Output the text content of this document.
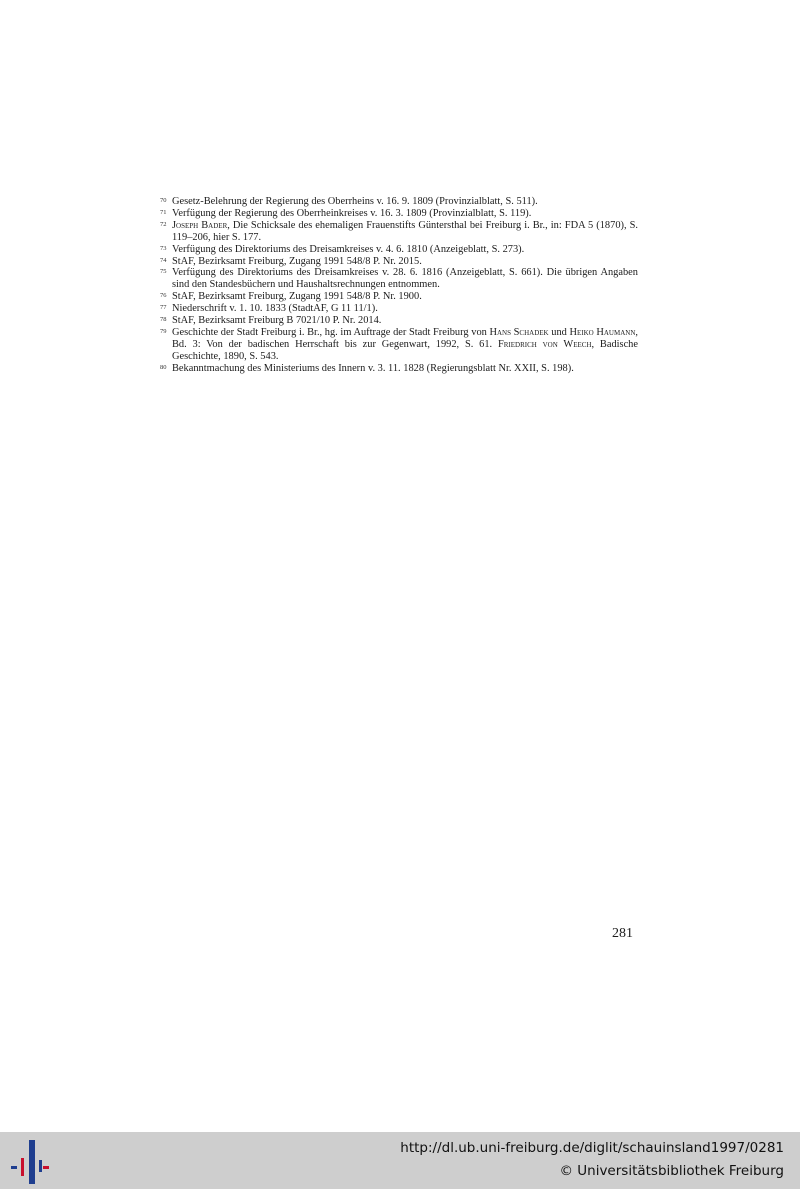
70 Gesetz-Belehrung der Regierung des Oberrheins v. 16. 9. 1809 (Provinzialblatt, S. 511).
71 Verfügung der Regierung des Oberrheinkreises v. 16. 3. 1809 (Provinzialblatt, S. 119).
72 Joseph Bader, Die Schicksale des ehemaligen Frauenstifts Güntersthal bei Freiburg i. Br., in: FDA 5 (1870), S. 119–206, hier S. 177.
73 Verfügung des Direktoriums des Dreisamkreises v. 4. 6. 1810 (Anzeigeblatt, S. 273).
74 StAF, Bezirksamt Freiburg, Zugang 1991 548/8 P. Nr. 2015.
75 Verfügung des Direktoriums des Dreisamkreises v. 28. 6. 1816 (Anzeigeblatt, S. 661). Die übrigen Angaben sind den Standesbüchern und Haushaltsrechnungen entnommen.
76 StAF, Bezirksamt Freiburg, Zugang 1991 548/8 P. Nr. 1900.
77 Niederschrift v. 1. 10. 1833 (StadtAF, G 11 11/1).
78 StAF, Bezirksamt Freiburg B 7021/10 P. Nr. 2014.
79 Geschichte der Stadt Freiburg i. Br., hg. im Auftrage der Stadt Freiburg von Hans Schadek und Heiko Haumann, Bd. 3: Von der badischen Herrschaft bis zur Gegenwart, 1992, S. 61. Friedrich von Weech, Badische Geschichte, 1890, S. 543.
80 Bekanntmachung des Ministeriums des Innern v. 3. 11. 1828 (Regierungsblatt Nr. XXII, S. 198).
281
http://dl.ub.uni-freiburg.de/diglit/schauinsland1997/0281
© Universitätsbibliothek Freiburg
